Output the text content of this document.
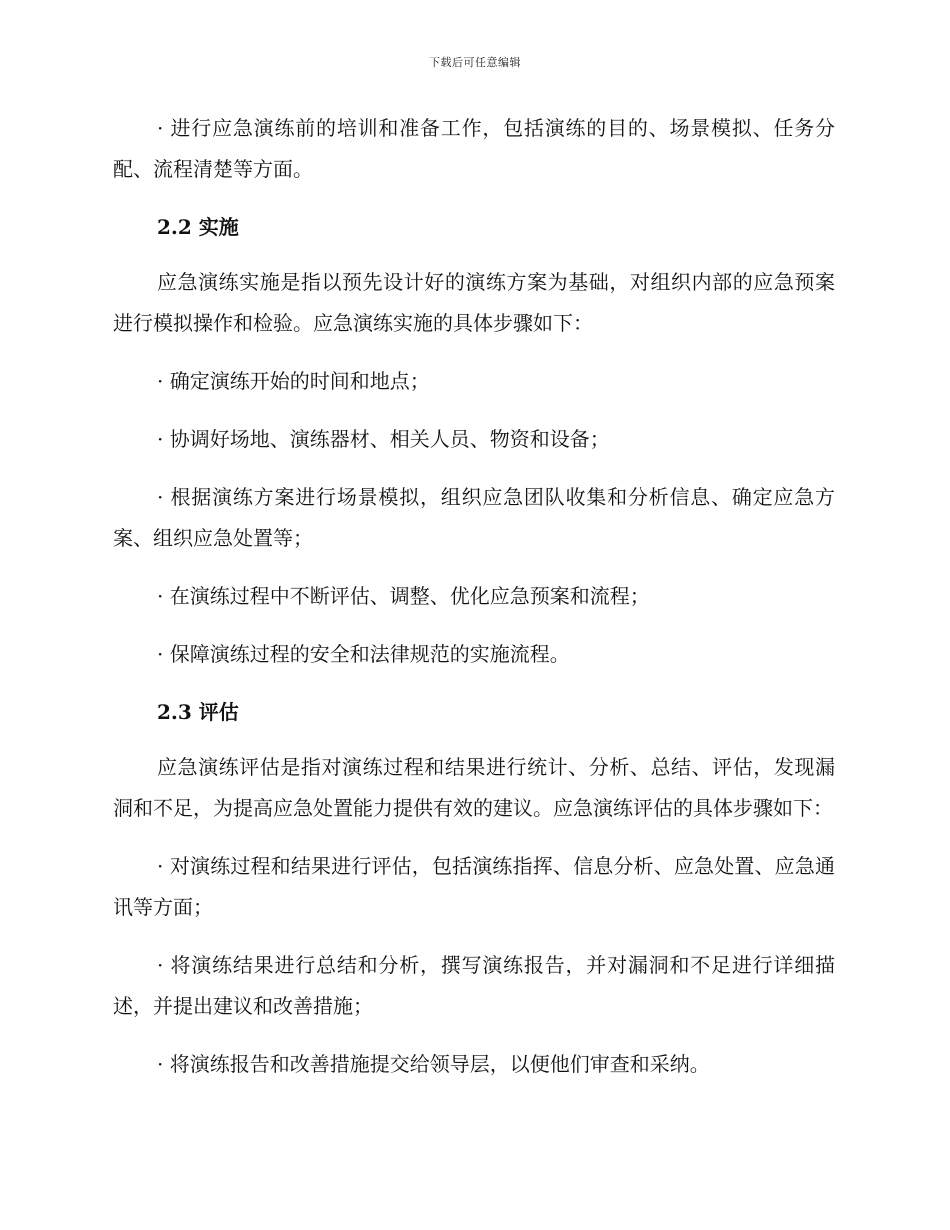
下载后可任意编辑

· 进行应急演练前的培训和准备工作，包括演练的目的、场景模拟、任务分配、流程清楚等方面。

2.2 实施

应急演练实施是指以预先设计好的演练方案为基础，对组织内部的应急预案进行模拟操作和检验。应急演练实施的具体步骤如下：

· 确定演练开始的时间和地点；

· 协调好场地、演练器材、相关人员、物资和设备；

· 根据演练方案进行场景模拟，组织应急团队收集和分析信息、确定应急方案、组织应急处置等；

· 在演练过程中不断评估、调整、优化应急预案和流程；

· 保障演练过程的安全和法律规范的实施流程。

2.3 评估

应急演练评估是指对演练过程和结果进行统计、分析、总结、评估，发现漏洞和不足，为提高应急处置能力提供有效的建议。应急演练评估的具体步骤如下：

· 对演练过程和结果进行评估，包括演练指挥、信息分析、应急处置、应急通讯等方面；

· 将演练结果进行总结和分析，撰写演练报告，并对漏洞和不足进行详细描述，并提出建议和改善措施；

· 将演练报告和改善措施提交给领导层，以便他们审查和采纳。
